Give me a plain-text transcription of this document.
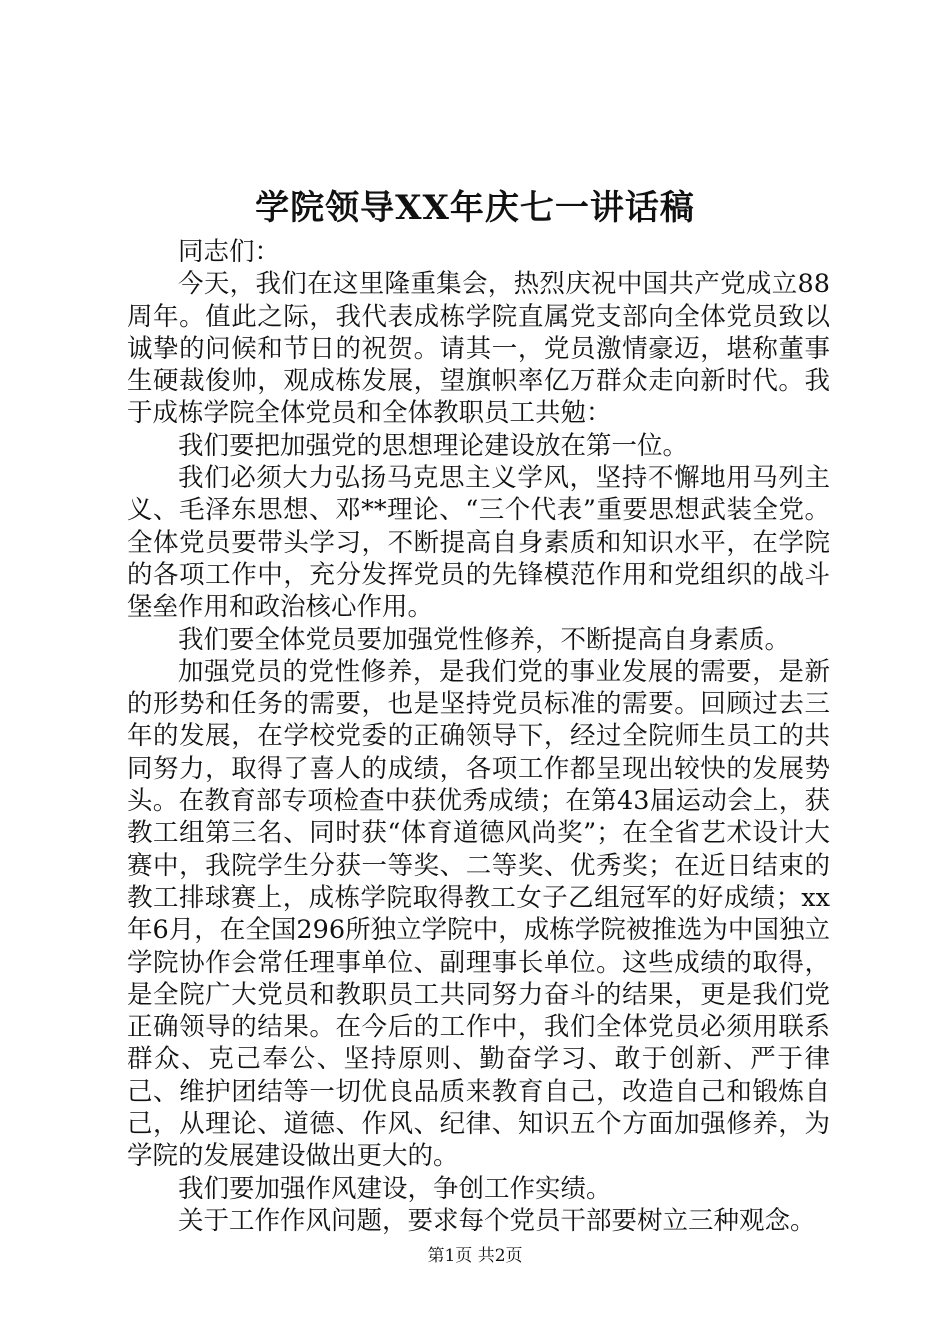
学院领导XX年庆七一讲话稿

同志们：

今天，我们在这里隆重集会，热烈庆祝中国共产党成立88周年。值此之际，我代表成栋学院直属党支部向全体党员致以诚挚的问候和节日的祝贺。请其一，党员激情豪迈，堪称董事生硬裁俊帅，观成栋发展，望旗帜率亿万群众走向新时代。我于成栋学院全体党员和全体教职员工共勉：

我们要把加强党的思想理论建设放在第一位。

我们必须大力弘扬马克思主义学风，坚持不懈地用马列主义、毛泽东思想、邓**理论、“三个代表”重要思想武装全党。全体党员要带头学习，不断提高自身素质和知识水平，在学院的各项工作中，充分发挥党员的先锋模范作用和党组织的战斗堡垒作用和政治核心作用。

我们要全体党员要加强党性修养，不断提高自身素质。

加强党员的党性修养，是我们党的事业发展的需要，是新的形势和任务的需要，也是坚持党员标准的需要。回顾过去三年的发展，在学校党委的正确领导下，经过全院师生员工的共同努力，取得了喜人的成绩，各项工作都呈现出较快的发展势头。在教育部专项检查中获优秀成绩；在第43届运动会上，获教工组第三名、同时获“体育道德风尚奖”；在全省艺术设计大赛中，我院学生分获一等奖、二等奖、优秀奖；在近日结束的教工排球赛上，成栋学院取得教工女子乙组冠军的好成绩；xx年6月，在全国296所独立学院中，成栋学院被推选为中国独立学院协作会常任理事单位、副理事长单位。这些成绩的取得，是全院广大党员和教职员工共同努力奋斗的结果，更是我们党正确领导的结果。在今后的工作中，我们全体党员必须用联系群众、克己奉公、坚持原则、勤奋学习、敢于创新、严于律己、维护团结等一切优良品质来教育自己，改造自己和锻炼自己，从理论、道德、作风、纪律、知识五个方面加强修养，为学院的发展建设做出更大的。

我们要加强作风建设，争创工作实绩。

关于工作作风问题，要求每个党员干部要树立三种观念。

第1页 共2页
